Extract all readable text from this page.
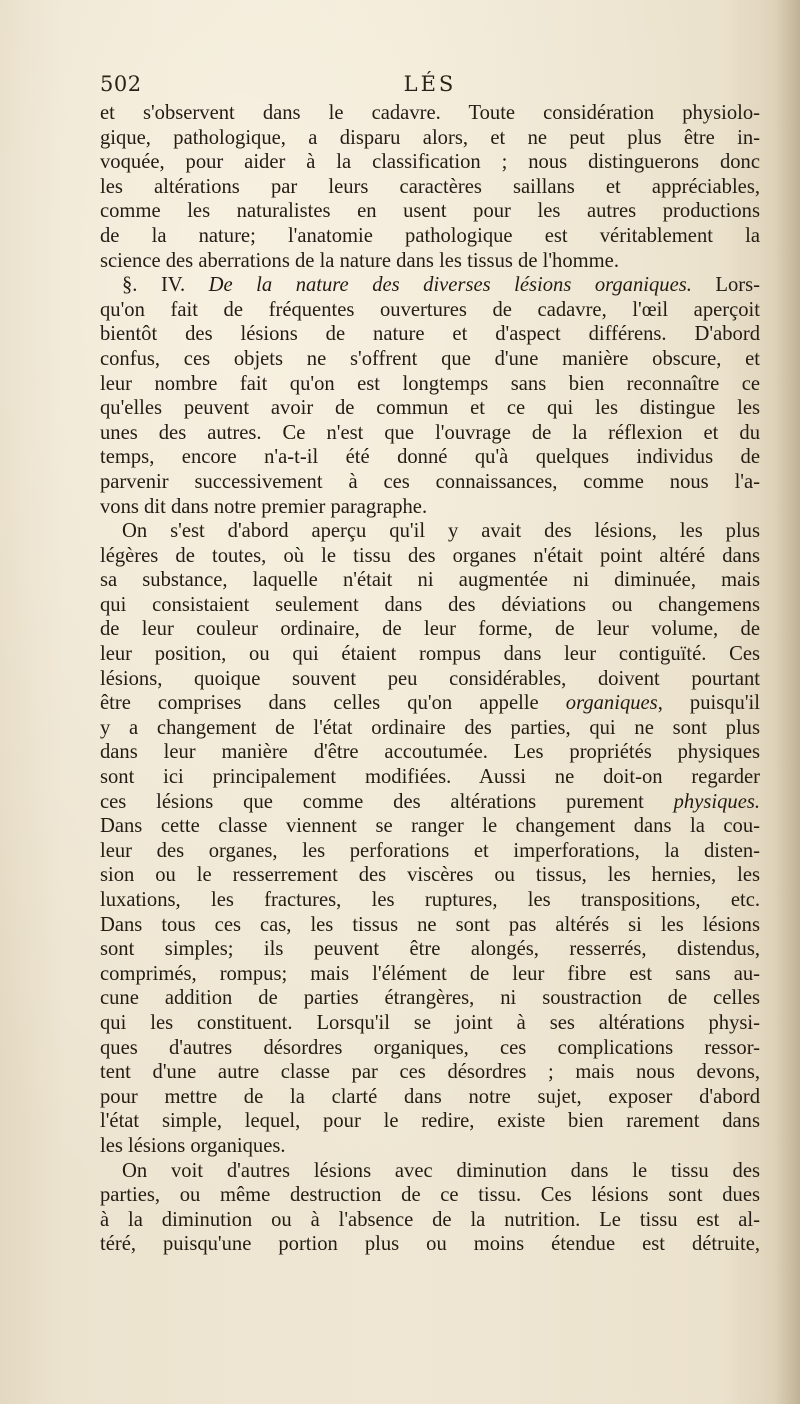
502	LÉS
et s'observent dans le cadavre. Toute considération physiolo-
gique, pathologique, a disparu alors, et ne peut plus être in-
voquée, pour aider à la classification ; nous distinguerons donc
les altérations par leurs caractères saillans et appréciables,
comme les naturalistes en usent pour les autres productions
de la nature; l'anatomie pathologique est véritablement la
science des aberrations de la nature dans les tissus de l'homme.
§. IV. De la nature des diverses lésions organiques. Lors-
qu'on fait de fréquentes ouvertures de cadavre, l'œil aperçoit
bientôt des lésions de nature et d'aspect différens. D'abord
confus, ces objets ne s'offrent que d'une manière obscure, et
leur nombre fait qu'on est longtemps sans bien reconnaître ce
qu'elles peuvent avoir de commun et ce qui les distingue les
unes des autres. Ce n'est que l'ouvrage de la réflexion et du
temps, encore n'a-t-il été donné qu'à quelques individus de
parvenir successivement à ces connaissances, comme nous l'a-
vons dit dans notre premier paragraphe.
On s'est d'abord aperçu qu'il y avait des lésions, les plus
légères de toutes, où le tissu des organes n'était point altéré dans
sa substance, laquelle n'était ni augmentée ni diminuée, mais
qui consistaient seulement dans des déviations ou changemens
de leur couleur ordinaire, de leur forme, de leur volume, de
leur position, ou qui étaient rompus dans leur contiguïté. Ces
lésions, quoique souvent peu considérables, doivent pourtant
être comprises dans celles qu'on appelle organiques, puisqu'il
y a changement de l'état ordinaire des parties, qui ne sont plus
dans leur manière d'être accoutumée. Les propriétés physiques
sont ici principalement modifiées. Aussi ne doit-on regarder
ces lésions que comme des altérations purement physiques.
Dans cette classe viennent se ranger le changement dans la cou-
leur des organes, les perforations et imperforations, la disten-
sion ou le resserrement des viscères ou tissus, les hernies, les
luxations, les fractures, les ruptures, les transpositions, etc.
Dans tous ces cas, les tissus ne sont pas altérés si les lésions
sont simples; ils peuvent être alongés, resserrés, distendus,
comprimés, rompus; mais l'élément de leur fibre est sans au-
cune addition de parties étrangères, ni soustraction de celles
qui les constituent. Lorsqu'il se joint à ses altérations physi-
ques d'autres désordres organiques, ces complications ressor-
tent d'une autre classe par ces désordres ; mais nous devons,
pour mettre de la clarté dans notre sujet, exposer d'abord
l'état simple, lequel, pour le redire, existe bien rarement dans
les lésions organiques.
On voit d'autres lésions avec diminution dans le tissu des
parties, ou même destruction de ce tissu. Ces lésions sont dues
à la diminution ou à l'absence de la nutrition. Le tissu est al-
téré, puisqu'une portion plus ou moins étendue est détruite,
